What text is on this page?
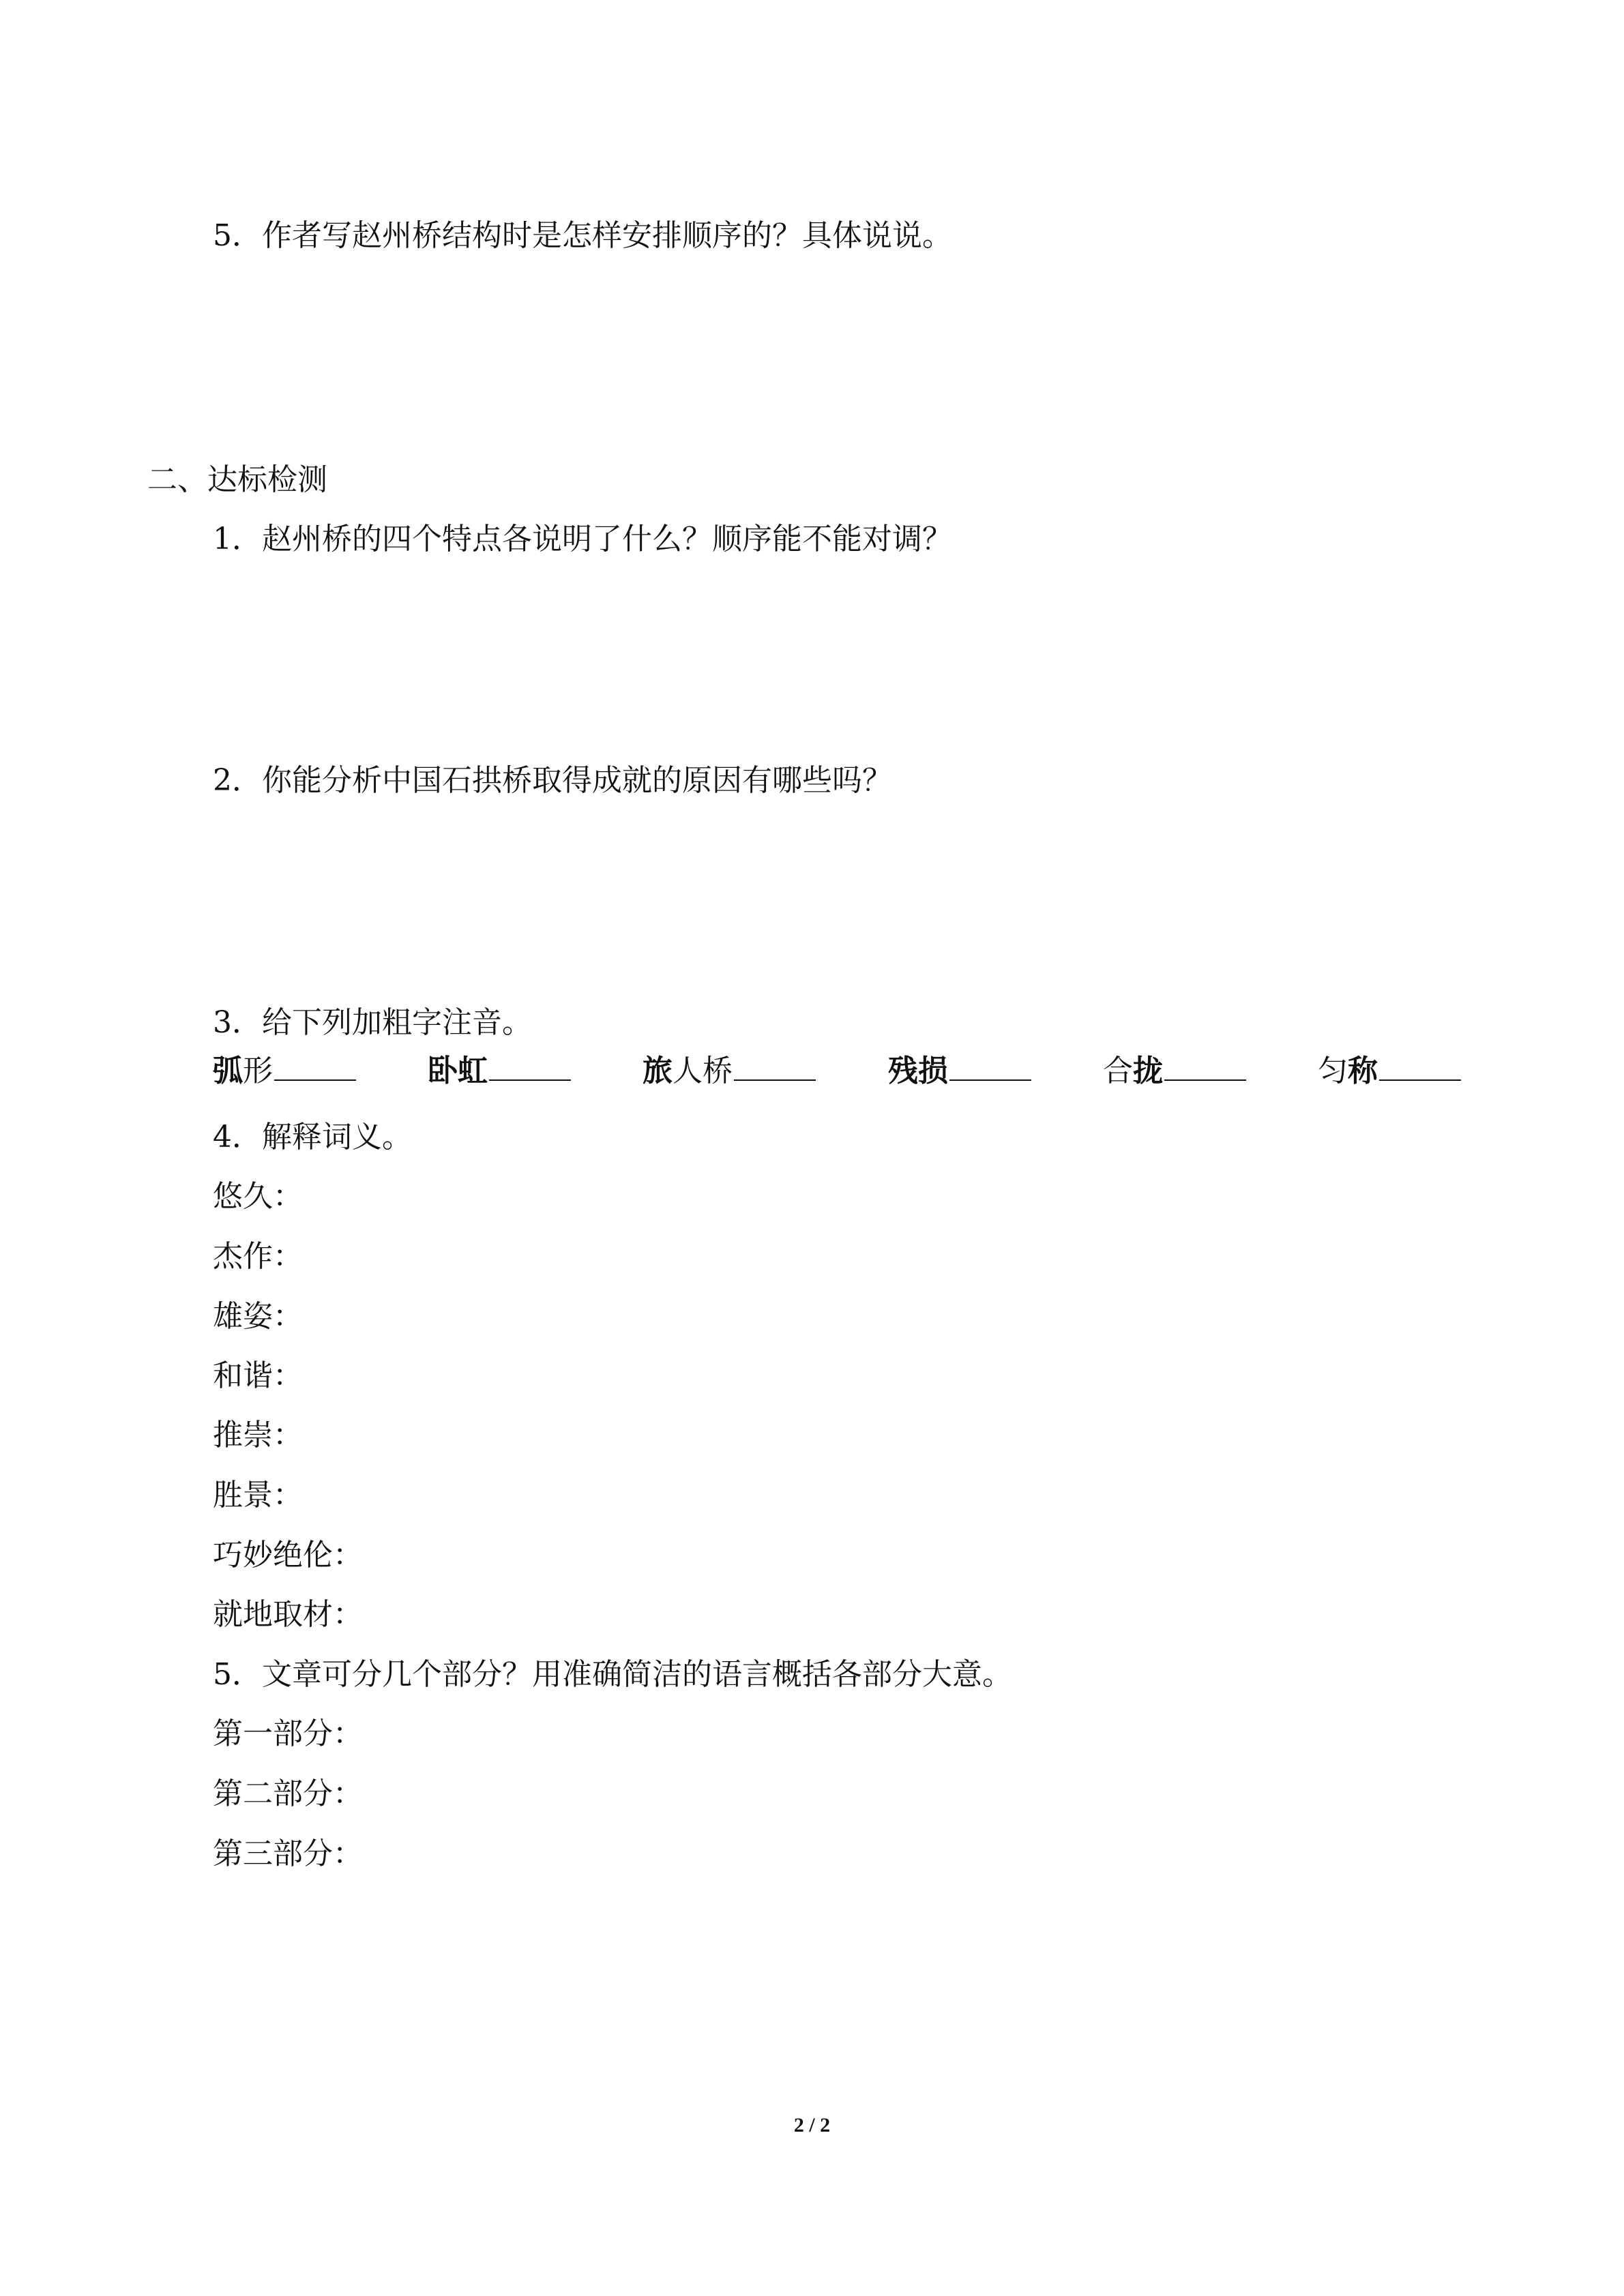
5．作者写赵州桥结构时是怎样安排顺序的？具体说说。
二、达标检测
1．赵州桥的四个特点各说明了什么？顺序能不能对调？
2．你能分析中国石拱桥取得成就的原因有哪些吗？
3．给下列加粗字注音。
弧形	卧虹	旅人桥	残损	合拢	匀称
4．解释词义。
悠久：
杰作：
雄姿：
和谐：
推崇：
胜景：
巧妙绝伦：
就地取材：
5．文章可分几个部分？用准确简洁的语言概括各部分大意。
第一部分：
第二部分：
第三部分：
2 / 2
